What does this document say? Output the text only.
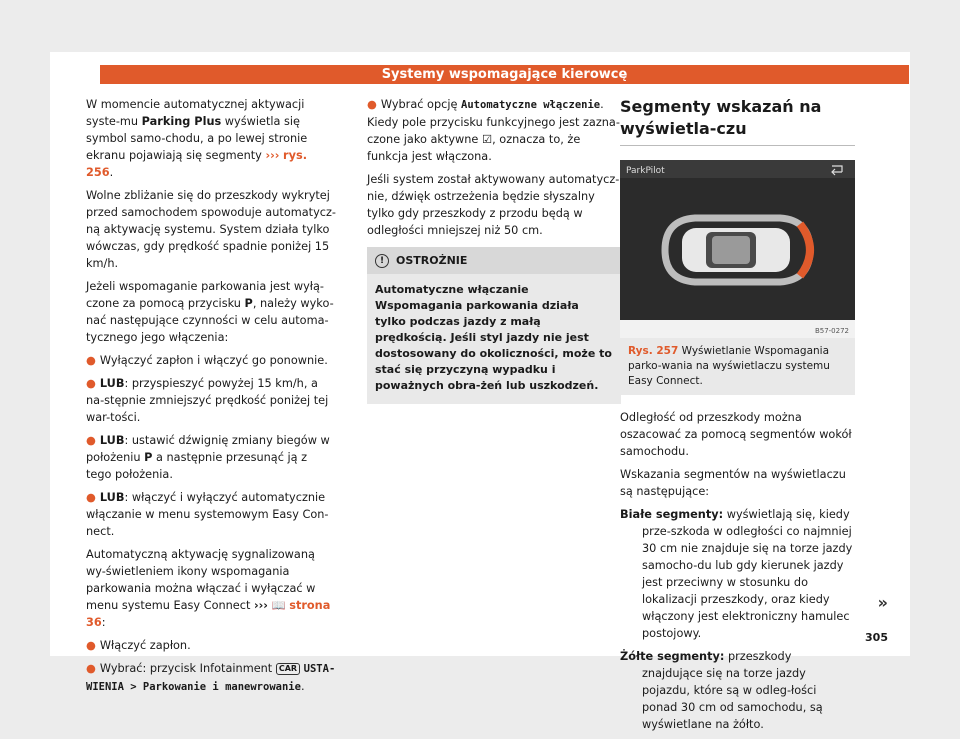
Systemy wspomagające kierowcę

W momencie automatycznej aktywacji syste-mu Parking Plus wyświetla się symbol samo-chodu, a po lewej stronie ekranu pojawiają się segmenty ››› rys. 256.

Wolne zbliżanie się do przeszkody wykrytej przed samochodem spowoduje automatycz-ną aktywację systemu. System działa tylko wówczas, gdy prędkość spadnie poniżej 15 km/h.

Jeżeli wspomaganie parkowania jest wyłą-czone za pomocą przycisku P, należy wyko-nać następujące czynności w celu automa-tycznego jego włączenia:

● Wyłączyć zapłon i włączyć go ponownie.

● LUB: przyspieszyć powyżej 15 km/h, a na-stępnie zmniejszyć prędkość poniżej tej war-tości.

● LUB: ustawić dźwignię zmiany biegów w położeniu P a następnie przesunąć ją z tego położenia.

● LUB: włączyć i wyłączyć automatycznie włączanie w menu systemowym Easy Con-nect.

Automatyczną aktywację sygnalizowaną wy-świetleniem ikony wspomagania parkowania można włączać i wyłączać w menu systemu Easy Connect ››› 📖 strona 36:

● Włączyć zapłon.

● Wybrać: przycisk Infotainment CAR USTA-WIENIA > Parkowanie i manewrowanie.

● Wybrać opcję Automatyczne włączenie. Kiedy pole przycisku funkcyjnego jest zazna-czone jako aktywne ☑, oznacza to, że funkcja jest włączona.

Jeśli system został aktywowany automatycz-nie, dźwięk ostrzeżenia będzie słyszalny tylko gdy przeszkody z przodu będą w odległości mniejszej niż 50 cm.

!	OSTROŻNIE
Automatyczne włączanie Wspomagania parkowania działa tylko podczas jazdy z małą prędkością. Jeśli styl jazdy nie jest dostosowany do okoliczności, może to stać się przyczyną wypadku i poważnych obra-żeń lub uszkodzeń.
Segmenty wskazań na wyświetla-czu
ParkPilot
B57-0272
Rys. 257 Wyświetlanie Wspomagania parko-wania na wyświetlaczu systemu Easy Connect.

Odległość od przeszkody można oszacować za pomocą segmentów wokół samochodu.

Wskazania segmentów na wyświetlaczu są następujące:

Białe segmenty: wyświetlają się, kiedy prze-szkoda w odległości co najmniej 30 cm nie znajduje się na torze jazdy samocho-du lub gdy kierunek jazdy jest przeciwny w stosunku do lokalizacji przeszkody, oraz kiedy włączony jest elektroniczny hamulec postojowy.

Żółte segmenty: przeszkody znajdujące się na torze jazdy pojazdu, które są w odleg-łości ponad 30 cm od samochodu, są wyświetlane na żółto.

»
305
